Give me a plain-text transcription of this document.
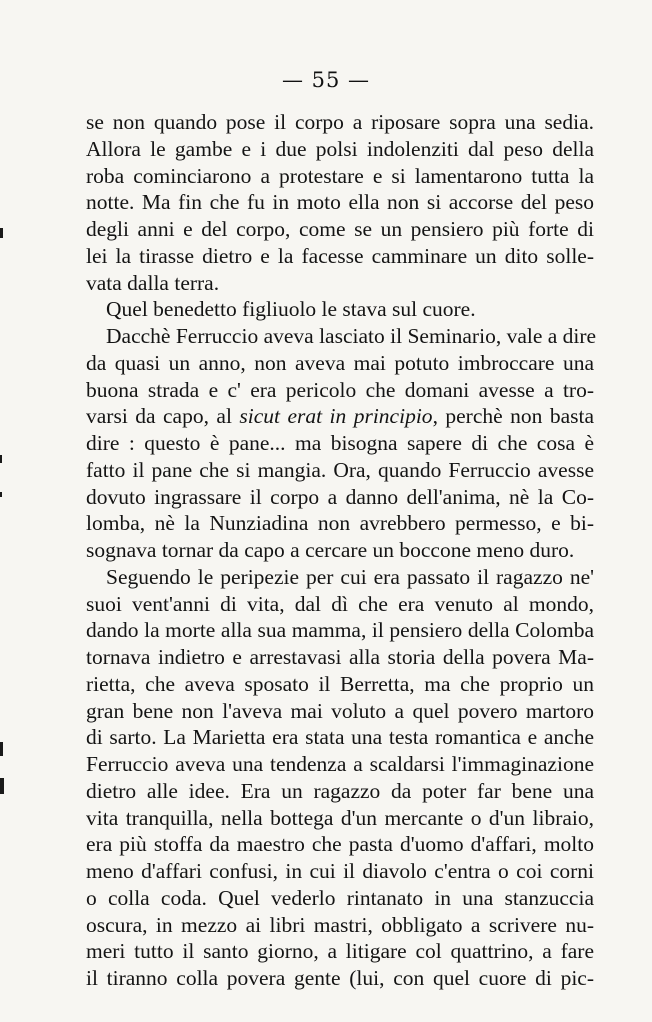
— 55 —
se non quando pose il corpo a riposare sopra una sedia.
Allora le gambe e i due polsi indolenziti dal peso della
roba cominciarono a protestare e si lamentarono tutta la
notte. Ma fin che fu in moto ella non si accorse del peso
degli anni e del corpo, come se un pensiero più forte di
lei la tirasse dietro e la facesse camminare un dito solle-
vata dalla terra.
Quel benedetto figliuolo le stava sul cuore.
Dacchè Ferruccio aveva lasciato il Seminario, vale a dire
da quasi un anno, non aveva mai potuto imbroccare una
buona strada e c' era pericolo che domani avesse a tro-
varsi da capo, al sicut erat in principio, perchè non basta
dire : questo è pane... ma bisogna sapere di che cosa è
fatto il pane che si mangia. Ora, quando Ferruccio avesse
dovuto ingrassare il corpo a danno dell'anima, nè la Co-
lomba, nè la Nunziadina non avrebbero permesso, e bi-
sognava tornar da capo a cercare un boccone meno duro.
Seguendo le peripezie per cui era passato il ragazzo ne'
suoi vent'anni di vita, dal dì che era venuto al mondo,
dando la morte alla sua mamma, il pensiero della Colomba
tornava indietro e arrestavasi alla storia della povera Ma-
rietta, che aveva sposato il Berretta, ma che proprio un
gran bene non l'aveva mai voluto a quel povero martoro
di sarto. La Marietta era stata una testa romantica e anche
Ferruccio aveva una tendenza a scaldarsi l'immaginazione
dietro alle idee. Era un ragazzo da poter far bene una
vita tranquilla, nella bottega d'un mercante o d'un libraio,
era più stoffa da maestro che pasta d'uomo d'affari, molto
meno d'affari confusi, in cui il diavolo c'entra o coi corni
o colla coda. Quel vederlo rintanato in una stanzuccia
oscura, in mezzo ai libri mastri, obbligato a scrivere nu-
meri tutto il santo giorno, a litigare col quattrino, a fare
il tiranno colla povera gente (lui, con quel cuore di pic-
